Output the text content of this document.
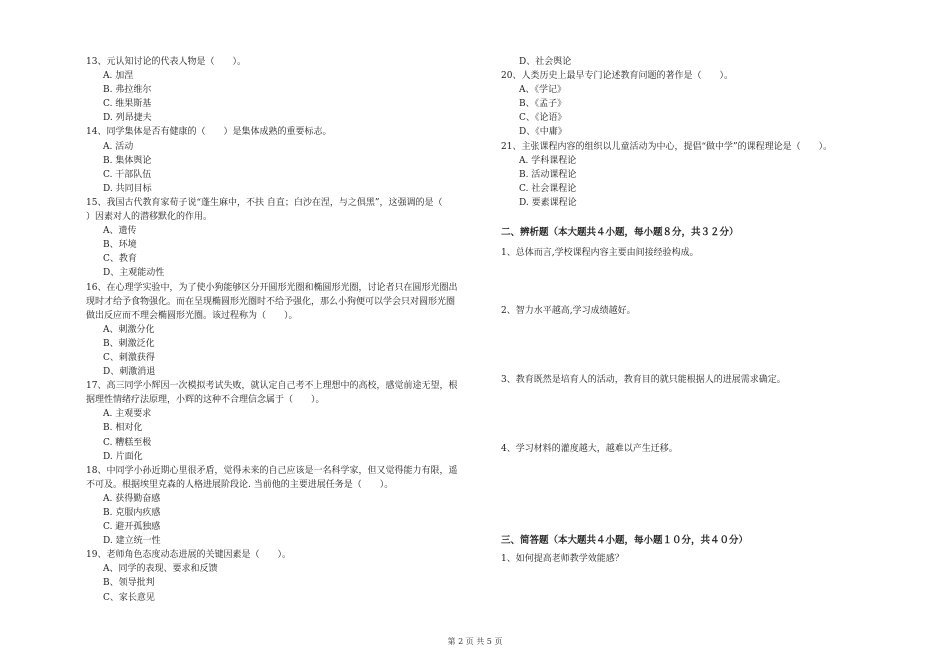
13、元认知讨论的代表人物是（　　）。
A. 加涅
B. 弗拉维尔
C. 维果斯基
D. 列昂捷夫
14、同学集体是否有健康的（　　）是集体成熟的重要标志。
A. 活动
B. 集体舆论
C. 干部队伍
D. 共同目标
15、我国古代教育家荀子说“蓬生麻中，不扶 自直；白沙在涅，与之俱黑”，这强调的是（
）因素对人的潜移默化的作用。
A、遗传
B、环境
C、教育
D、主观能动性
16、在心理学实验中，为了使小狗能够区分开圆形光圈和椭圆形光圈，讨论者只在圆形光圈出
现时才给予食物强化。而在呈现椭圆形光圈时不给予强化，那么小狗便可以学会只对圆形光圈
做出反应而不理会椭圆形光圈。该过程称为（　　）。
A、刺激分化
B、刺激泛化
C、刺激获得
D、刺激消退
17、高三同学小辉因一次模拟考试失败，就认定自己考不上理想中的高校，感觉前途无望，根
据理性情绪疗法原理，小辉的这种不合理信念属于（　　）。
A. 主观要求
B. 相对化
C. 糟糕至极
D. 片面化
18、中同学小孙近期心里很矛盾，觉得未来的自己应该是一名科学家，但又觉得能力有限，遥
不可及。根据埃里克森的人格进展阶段论. 当前他的主要进展任务是（　　）。
A. 获得勤奋感
B. 克服内疚感
C. 避开孤独感
D. 建立统一性
19、老师角色态度动态进展的关键因素是（　　）。
A、同学的表现、要求和反馈
B、领导批判
C、家长意见
D、社会舆论
20、人类历史上最早专门论述教育问题的著作是（　　）。
A、《学记》
B、《孟子》
C、《论语》
D、《中庸》
21、主张课程内容的组织以儿童活动为中心，提倡“做中学”的课程理论是（　　）。
A. 学科课程论
B. 活动课程论
C. 社会课程论
D. 要素课程论
二、辨析题（本大题共４小题，每小题８分，共３２分）
1、总体而言,学校课程内容主要由间接经验构成。
2、智力水平越高,学习成绩越好。
3、教育既然是培育人的活动，教育目的就只能根据人的进展需求确定。
4、学习材料的灌度越大，越难以产生迁移。
三、简答题（本大题共４小题，每小题１０分，共４０分）
1、如何提高老师教学效能感？
第 2 页 共 5 页
